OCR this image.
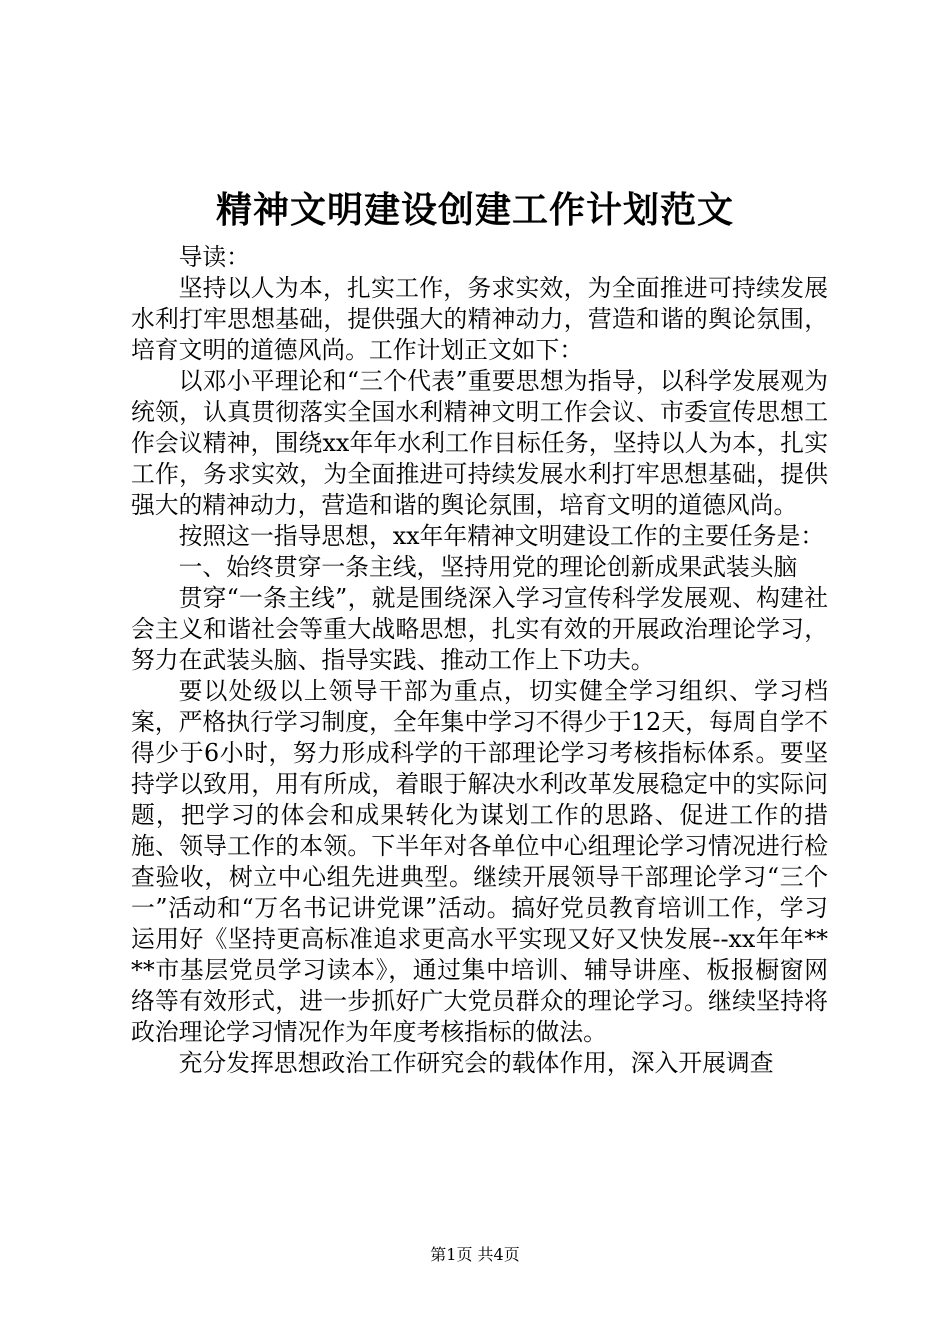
精神文明建设创建工作计划范文

导读：

坚持以人为本，扎实工作，务求实效，为全面推进可持续发展水利打牢思想基础，提供强大的精神动力，营造和谐的舆论氛围，培育文明的道德风尚。工作计划正文如下：

以邓小平理论和“三个代表”重要思想为指导，以科学发展观为统领，认真贯彻落实全国水利精神文明工作会议、市委宣传思想工作会议精神，围绕xx年年水利工作目标任务，坚持以人为本，扎实工作，务求实效，为全面推进可持续发展水利打牢思想基础，提供强大的精神动力，营造和谐的舆论氛围，培育文明的道德风尚。

按照这一指导思想，xx年年精神文明建设工作的主要任务是：

一、始终贯穿一条主线，坚持用党的理论创新成果武装头脑

贯穿“一条主线”，就是围绕深入学习宣传科学发展观、构建社会主义和谐社会等重大战略思想，扎实有效的开展政治理论学习，努力在武装头脑、指导实践、推动工作上下功夫。

要以处级以上领导干部为重点，切实健全学习组织、学习档案，严格执行学习制度，全年集中学习不得少于12天，每周自学不得少于6小时，努力形成科学的干部理论学习考核指标体系。要坚持学以致用，用有所成，着眼于解决水利改革发展稳定中的实际问题，把学习的体会和成果转化为谋划工作的思路、促进工作的措施、领导工作的本领。下半年对各单位中心组理论学习情况进行检查验收，树立中心组先进典型。继续开展领导干部理论学习“三个一”活动和“万名书记讲党课”活动。搞好党员教育培训工作，学习运用好《坚持更高标准追求更高水平实现又好又快发展--xx年年****市基层党员学习读本》，通过集中培训、辅导讲座、板报橱窗网络等有效形式，进一步抓好广大党员群众的理论学习。继续坚持将政治理论学习情况作为年度考核指标的做法。

充分发挥思想政治工作研究会的载体作用，深入开展调查

第1页 共4页
